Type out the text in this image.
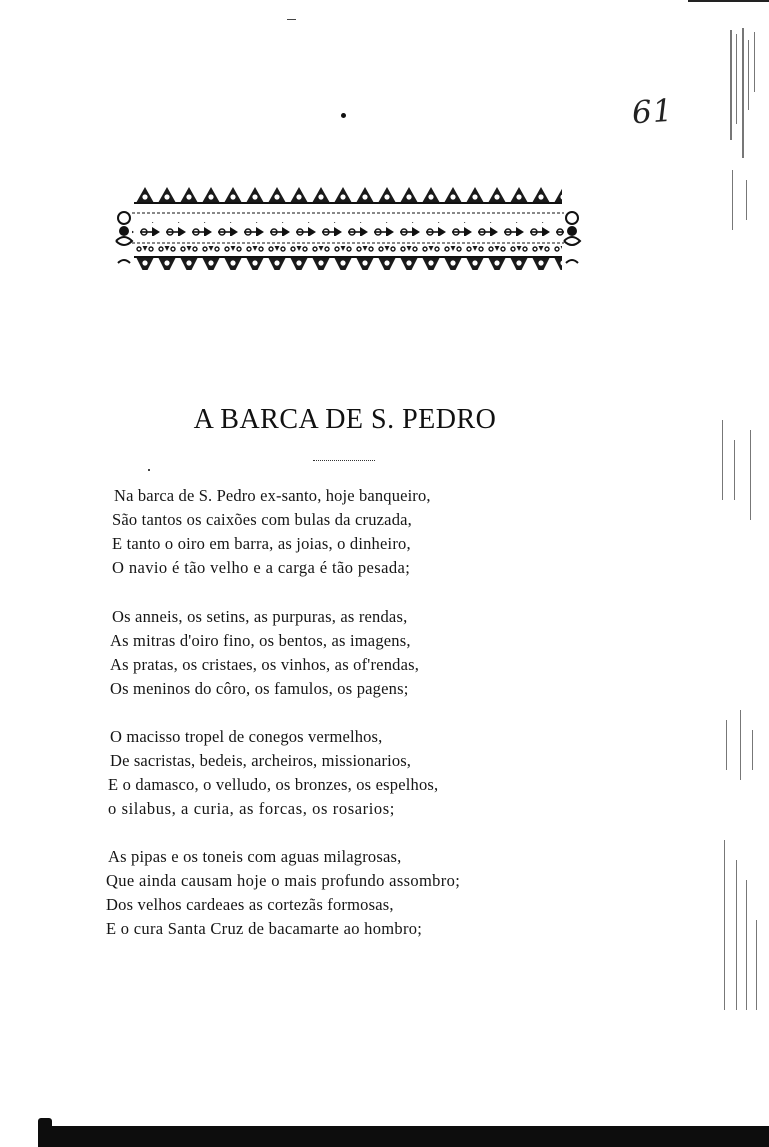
61
A BARCA DE S. PEDRO
Na barca de S. Pedro ex-santo, hoje banqueiro,
São tantos os caixões com bulas da cruzada,
E tanto o oiro em barra, as joias, o dinheiro,
O navio é tão velho e a carga é tão pesada;
Os anneis, os setins, as purpuras, as rendas,
As mitras d'oiro fino, os bentos, as imagens,
As pratas, os cristaes, os vinhos, as of'rendas,
Os meninos do côro, os famulos, os pagens;
O macisso tropel de conegos vermelhos,
De sacristas, bedeis, archeiros, missionarios,
E o damasco, o velludo, os bronzes, os espelhos,
o silabus, a curia, as forcas, os rosarios;
As pipas e os toneis com aguas milagrosas,
Que ainda causam hoje o mais profundo assombro;
Dos velhos cardeaes as cortezãs formosas,
E o cura Santa Cruz de bacamarte ao hombro;
